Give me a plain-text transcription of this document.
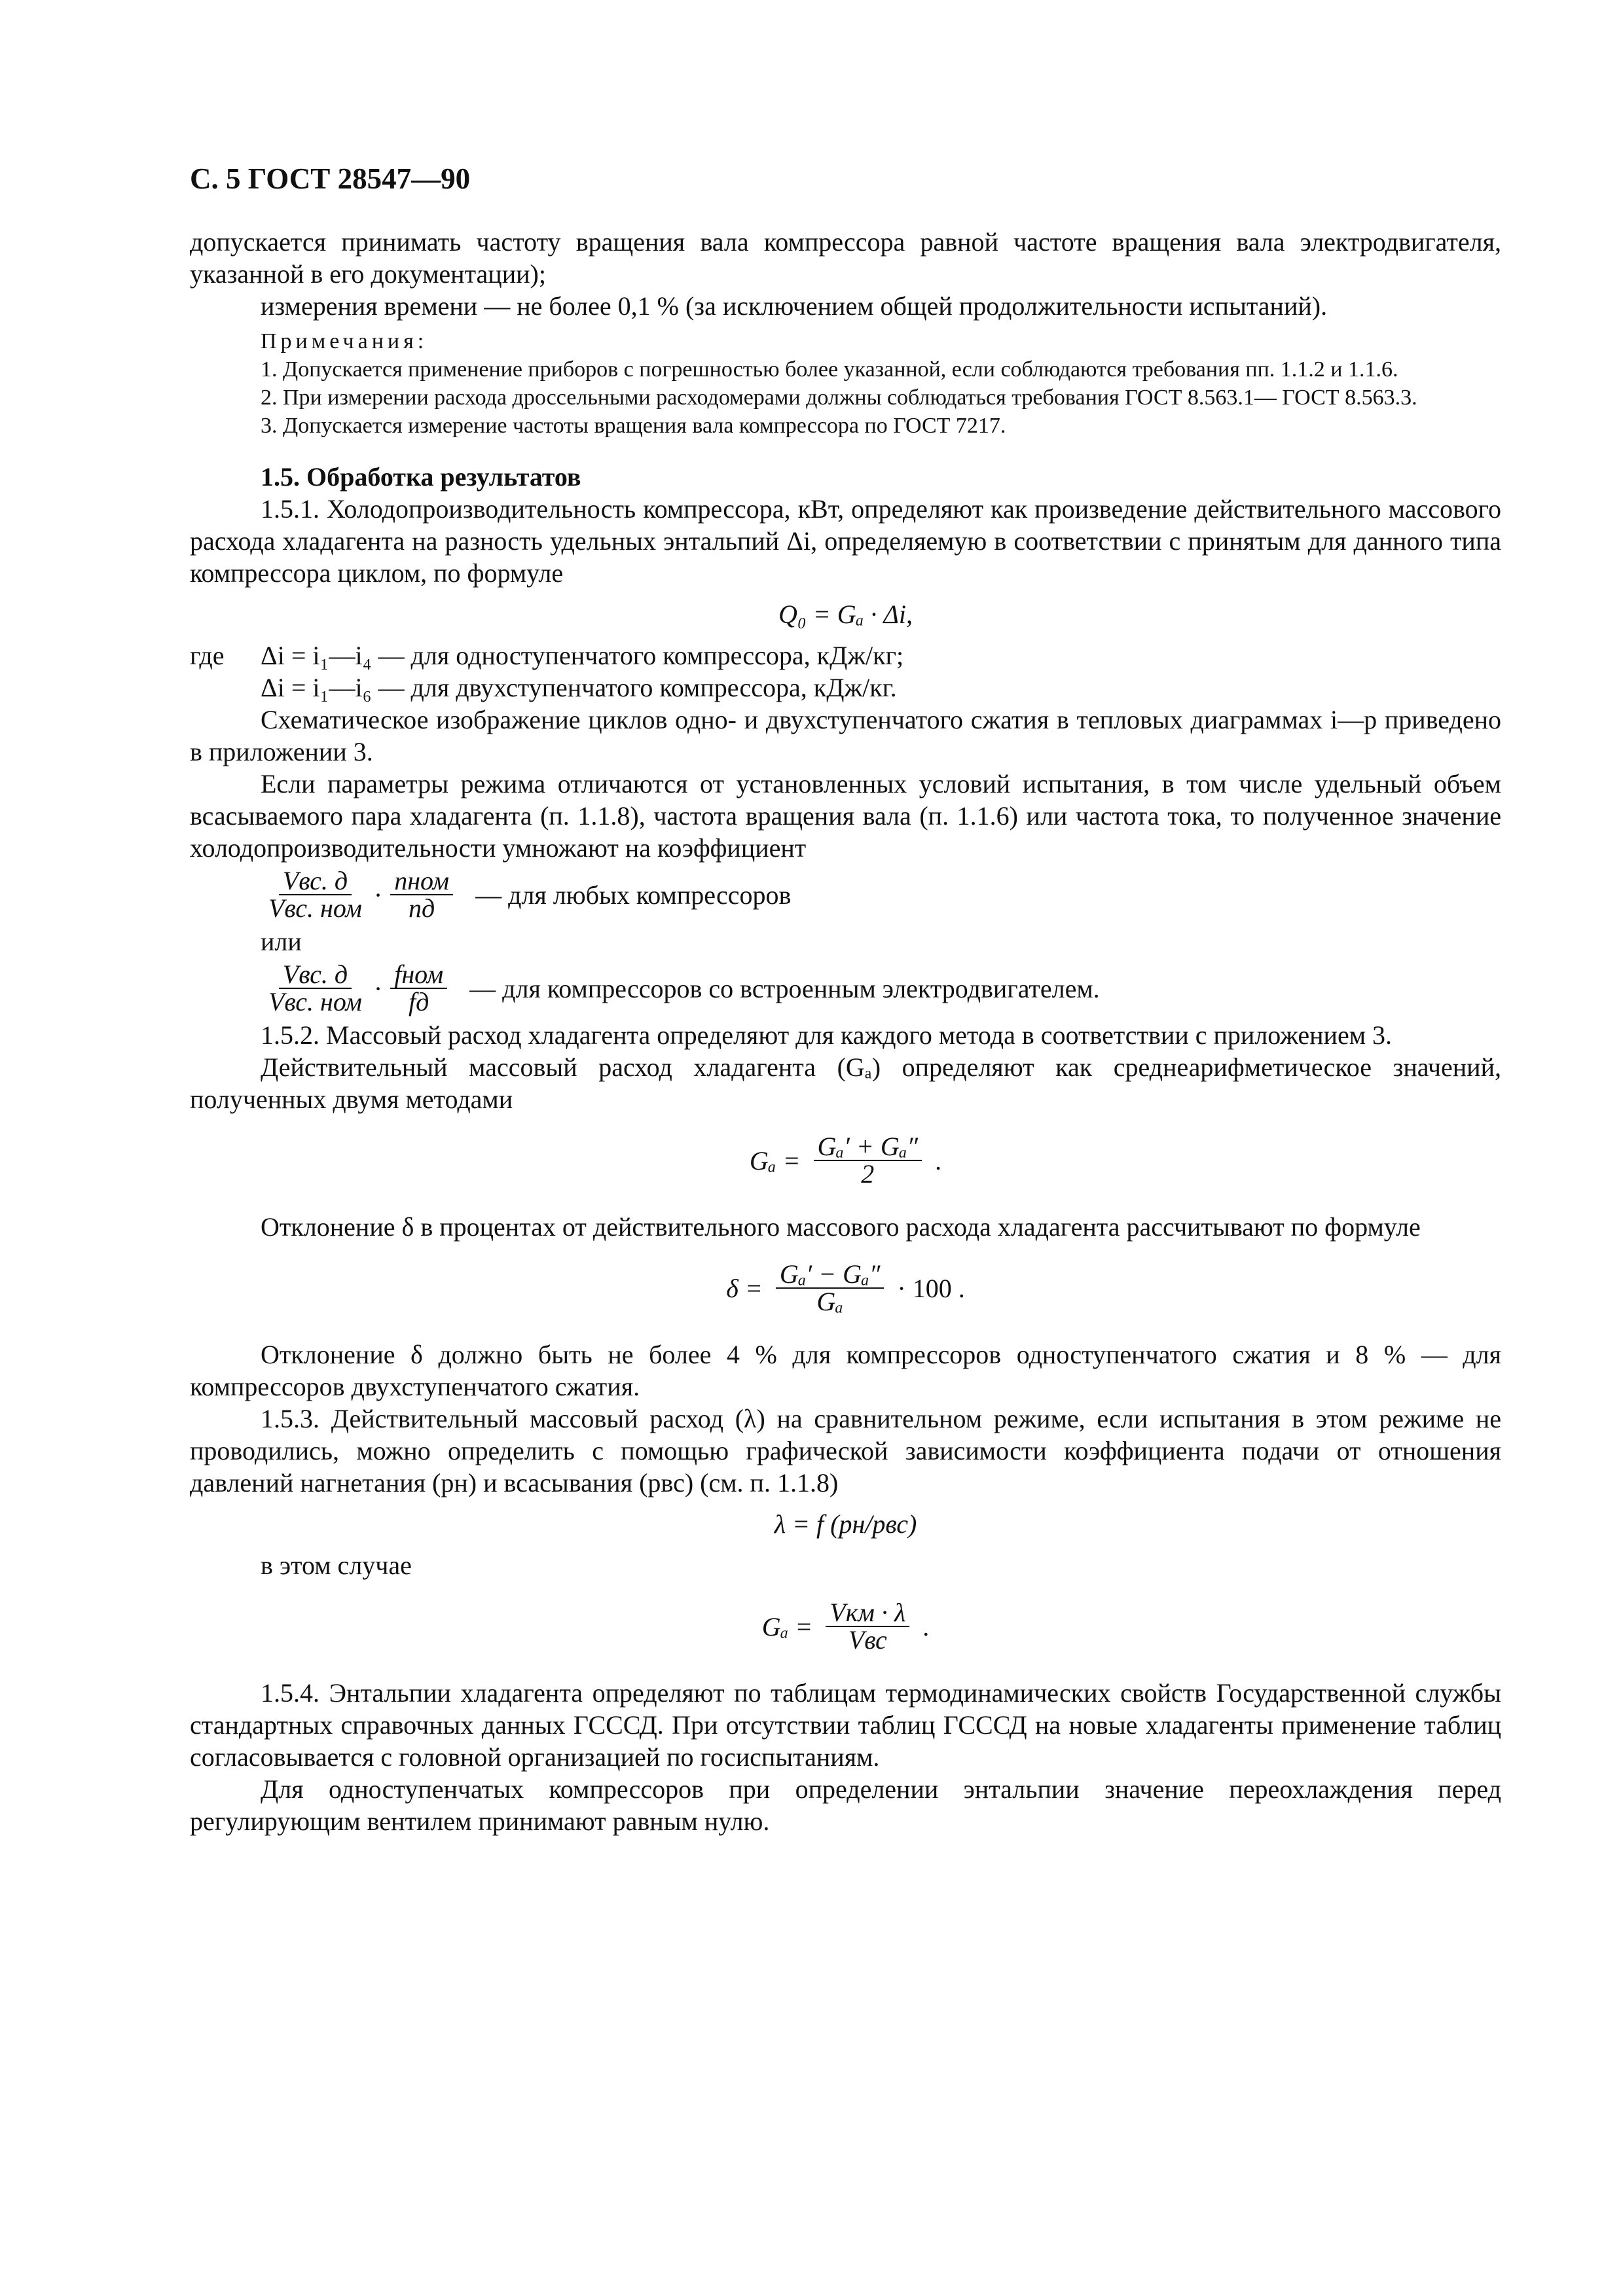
С. 5 ГОСТ 28547—90

допускается принимать частоту вращения вала компрессора равной частоте вращения вала электродвигателя, указанной в его документации);

измерения времени — не более 0,1 % (за исключением общей продолжительности испытаний).

Примечания:

1. Допускается применение приборов с погрешностью более указанной, если соблюдаются требования пп. 1.1.2 и 1.1.6.

2. При измерении расхода дроссельными расходомерами должны соблюдаться требования ГОСТ 8.563.1— ГОСТ 8.563.3.

3. Допускается измерение частоты вращения вала компрессора по ГОСТ 7217.

1.5. Обработка результатов

1.5.1. Холодопроизводительность компрессора, кВт, определяют как произведение действительного массового расхода хладагента на разность удельных энтальпий Δi, определяемую в соответствии с принятым для данного типа компрессора циклом, по формуле

Q₀ = Gₐ · Δi,
где	Δi = i₁—i₄ — для одноступенчатого компрессора, кДж/кг;
Δi = i₁—i₆ — для двухступенчатого компрессора, кДж/кг.

Схематическое изображение циклов одно- и двухступенчатого сжатия в тепловых диаграммах i—p приведено в приложении 3.

Если параметры режима отличаются от установленных условий испытания, в том числе удельный объем всасываемого пара хладагента (п. 1.1.8), частота вращения вала (п. 1.1.6) или частота тока, то полученное значение холодопроизводительности умножают на коэффициент

$\frac{\text{Vвс. д}}{\text{Vвс. ном}} \cdot \frac{\text{nном}}{nд}$ — для любых компрессоров
или
$\frac{\text{Vвс. д}}{\text{Vвс. ном}} \cdot \frac{\text{fном}}{fд}$ — для компрессоров со встроенным электродвигателем.

1.5.2. Массовый расход хладагента определяют для каждого метода в соответствии с приложением 3.

Действительный массовый расход хладагента (Gₐ) определяют как среднеарифметическое значений, полученных двумя методами

$G_a = \frac{\text{Gₐ′ + Gₐ″}}{2}$ .

Отклонение δ в процентах от действительного массового расхода хладагента рассчитывают по формуле

$\delta = \frac{\text{Gₐ′ − Gₐ″}}{\text{Gₐ}} \cdot 100$ .

Отклонение δ должно быть не более 4 % для компрессоров одноступенчатого сжатия и 8 % — для компрессоров двухступенчатого сжатия.

1.5.3. Действительный массовый расход (λ) на сравнительном режиме, если испытания в этом режиме не проводились, можно определить с помощью графической зависимости коэффициента подачи от отношения давлений нагнетания (pн) и всасывания (pвс) (см. п. 1.1.8)

λ = f (pн/pвс)

в этом случае

$G_a = \frac{\text{Vкм · λ}}{\text{Vвс}}$ .

1.5.4. Энтальпии хладагента определяют по таблицам термодинамических свойств Государственной службы стандартных справочных данных ГСССД. При отсутствии таблиц ГСССД на новые хладагенты применение таблиц согласовывается с головной организацией по госиспытаниям.

Для одноступенчатых компрессоров при определении энтальпии значение переохлаждения перед регулирующим вентилем принимают равным нулю.
